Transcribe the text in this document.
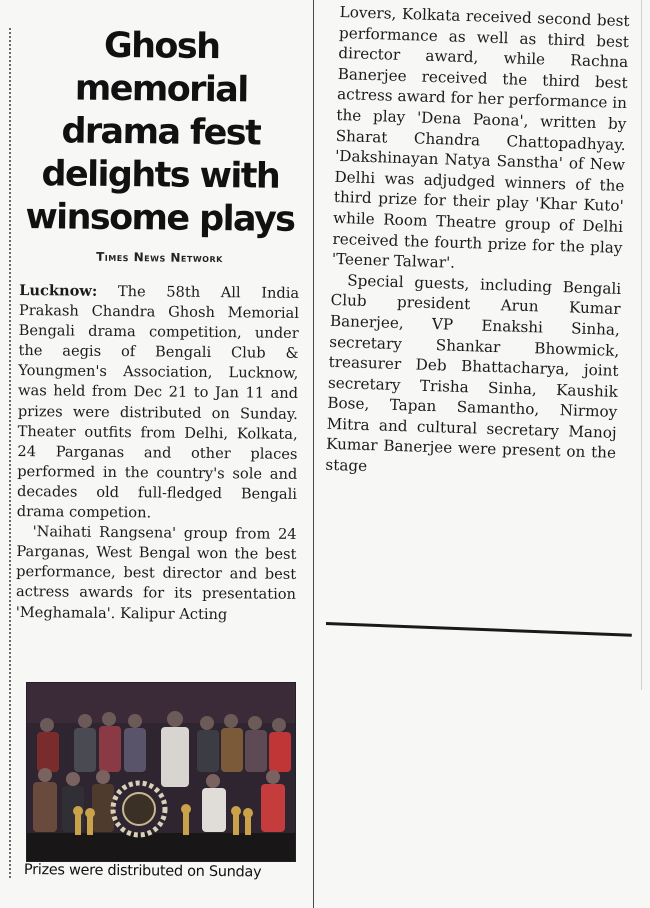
Ghosh memorial drama fest delights with winsome plays
Times News Network

Lucknow: The 58th All India Prakash Chandra Ghosh Memorial Bengali drama competition, under the aegis of Bengali Club & Youngmen's Association, Lucknow, was held from Dec 21 to Jan 11 and prizes were distributed on Sunday. Theater outfits from Delhi, Kolkata, 24 Parganas and other places performed in the country's sole and decades old full-fledged Bengali drama competion.

'Naihati Rangsena' group from 24 Parganas, West Bengal won the best performance, best director and best actress awards for its presentation 'Meghamala'. Kalipur Acting

Prizes were distributed on Sunday

Lovers, Kolkata received second best performance as well as third best director award, while Rachna Banerjee received the third best actress award for her performance in the play 'Dena Paona', written by Sharat Chandra Chattopadhyay. 'Dakshinayan Natya Sanstha' of New Delhi was adjudged winners of the third prize for their play 'Khar Kuto' while Room Theatre group of Delhi received the fourth prize for the play 'Teener Talwar'.

Special guests, including Bengali Club president Arun Kumar Banerjee, VP Enakshi Sinha, secretary Shankar Bhowmick, treasurer Deb Bhattacharya, joint secretary Trisha Sinha, Kaushik Bose, Tapan Samantho, Nirmoy Mitra and cultural secretary Manoj Kumar Banerjee were present on the stage
